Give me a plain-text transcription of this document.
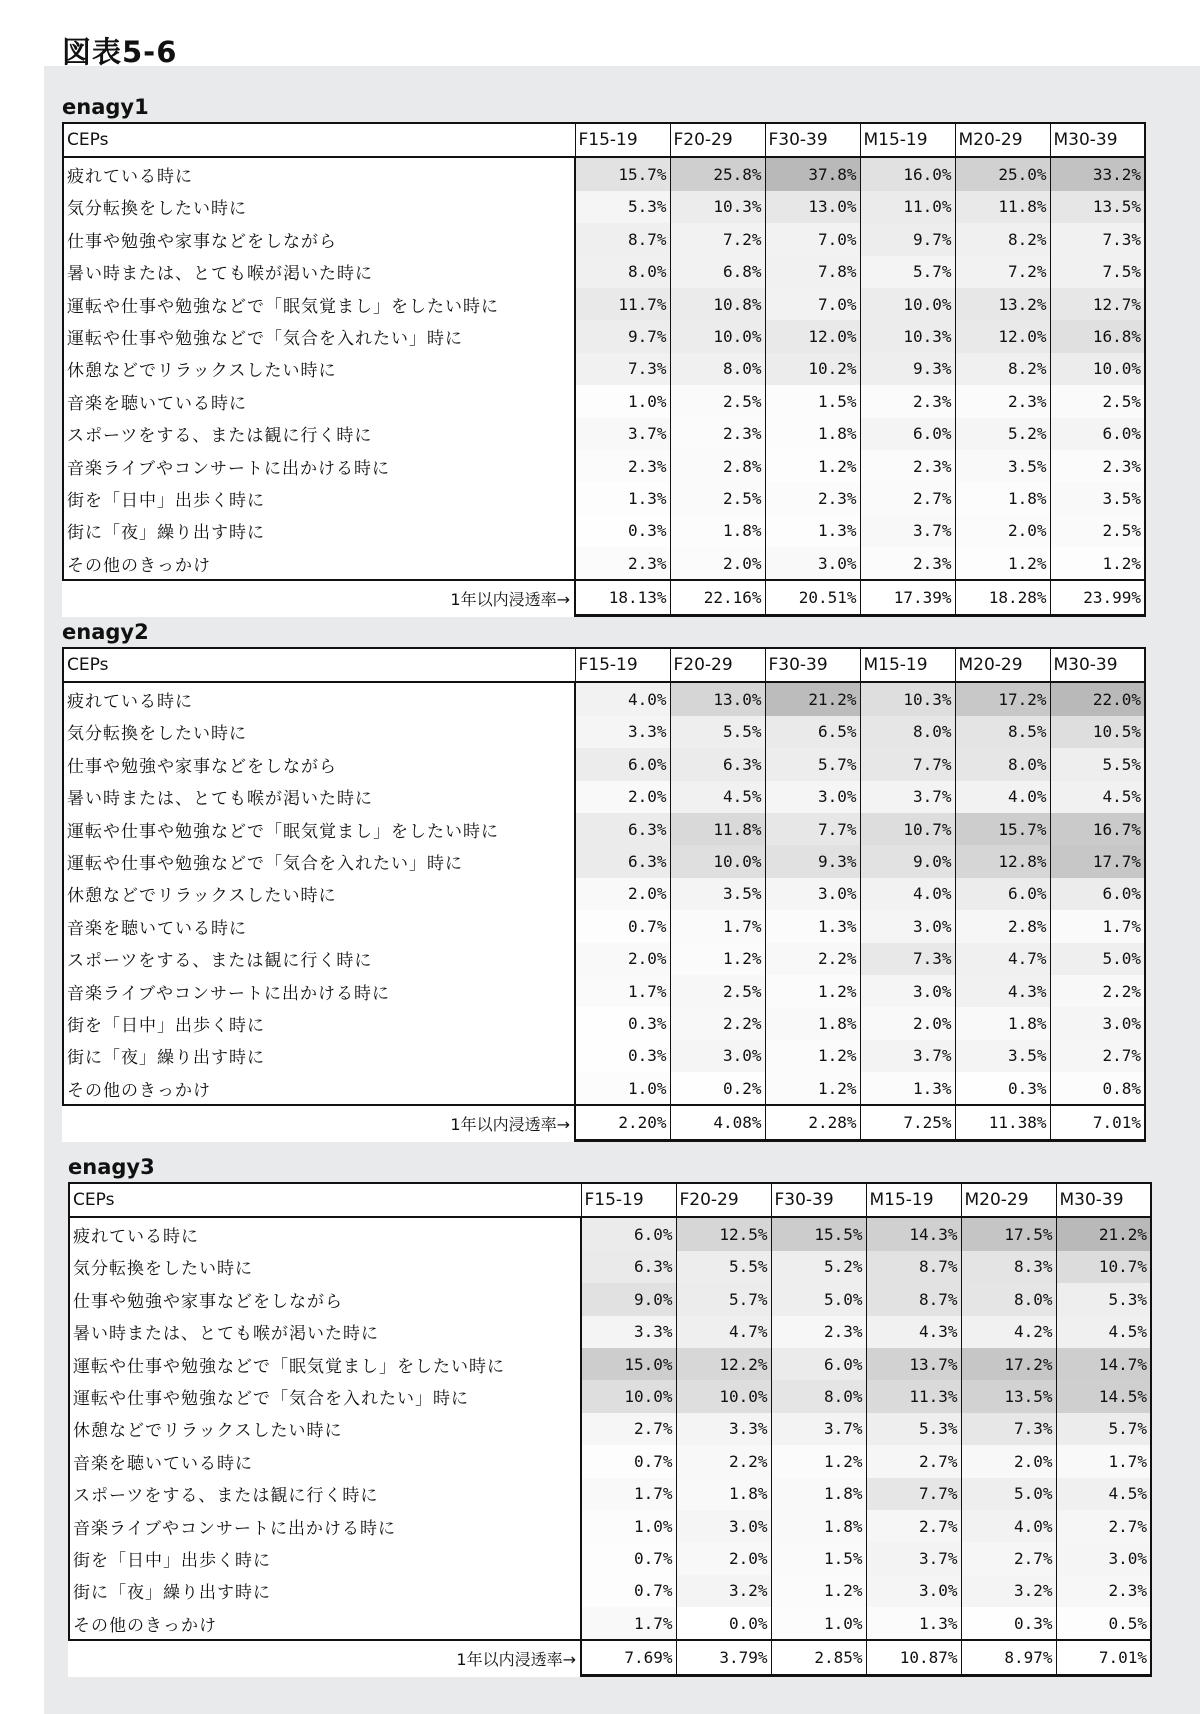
図表5-6
enagy1
CEPs	F15-19	F20-29	F30-39	M15-19	M20-29	M30-39
疲れている時に	15.7%	25.8%	37.8%	16.0%	25.0%	33.2%
気分転換をしたい時に	5.3%	10.3%	13.0%	11.0%	11.8%	13.5%
仕事や勉強や家事などをしながら	8.7%	7.2%	7.0%	9.7%	8.2%	7.3%
暑い時または、とても喉が渇いた時に	8.0%	6.8%	7.8%	5.7%	7.2%	7.5%
運転や仕事や勉強などで「眠気覚まし」をしたい時に	11.7%	10.8%	7.0%	10.0%	13.2%	12.7%
運転や仕事や勉強などで「気合を入れたい」時に	9.7%	10.0%	12.0%	10.3%	12.0%	16.8%
休憩などでリラックスしたい時に	7.3%	8.0%	10.2%	9.3%	8.2%	10.0%
音楽を聴いている時に	1.0%	2.5%	1.5%	2.3%	2.3%	2.5%
スポーツをする、または観に行く時に	3.7%	2.3%	1.8%	6.0%	5.2%	6.0%
音楽ライブやコンサートに出かける時に	2.3%	2.8%	1.2%	2.3%	3.5%	2.3%
街を「日中」出歩く時に	1.3%	2.5%	2.3%	2.7%	1.8%	3.5%
街に「夜」繰り出す時に	0.3%	1.8%	1.3%	3.7%	2.0%	2.5%
その他のきっかけ	2.3%	2.0%	3.0%	2.3%	1.2%	1.2%
1年以内浸透率→	18.13%	22.16%	20.51%	17.39%	18.28%	23.99%
enagy2
CEPs	F15-19	F20-29	F30-39	M15-19	M20-29	M30-39
疲れている時に	4.0%	13.0%	21.2%	10.3%	17.2%	22.0%
気分転換をしたい時に	3.3%	5.5%	6.5%	8.0%	8.5%	10.5%
仕事や勉強や家事などをしながら	6.0%	6.3%	5.7%	7.7%	8.0%	5.5%
暑い時または、とても喉が渇いた時に	2.0%	4.5%	3.0%	3.7%	4.0%	4.5%
運転や仕事や勉強などで「眠気覚まし」をしたい時に	6.3%	11.8%	7.7%	10.7%	15.7%	16.7%
運転や仕事や勉強などで「気合を入れたい」時に	6.3%	10.0%	9.3%	9.0%	12.8%	17.7%
休憩などでリラックスしたい時に	2.0%	3.5%	3.0%	4.0%	6.0%	6.0%
音楽を聴いている時に	0.7%	1.7%	1.3%	3.0%	2.8%	1.7%
スポーツをする、または観に行く時に	2.0%	1.2%	2.2%	7.3%	4.7%	5.0%
音楽ライブやコンサートに出かける時に	1.7%	2.5%	1.2%	3.0%	4.3%	2.2%
街を「日中」出歩く時に	0.3%	2.2%	1.8%	2.0%	1.8%	3.0%
街に「夜」繰り出す時に	0.3%	3.0%	1.2%	3.7%	3.5%	2.7%
その他のきっかけ	1.0%	0.2%	1.2%	1.3%	0.3%	0.8%
1年以内浸透率→	2.20%	4.08%	2.28%	7.25%	11.38%	7.01%
enagy3
CEPs	F15-19	F20-29	F30-39	M15-19	M20-29	M30-39
疲れている時に	6.0%	12.5%	15.5%	14.3%	17.5%	21.2%
気分転換をしたい時に	6.3%	5.5%	5.2%	8.7%	8.3%	10.7%
仕事や勉強や家事などをしながら	9.0%	5.7%	5.0%	8.7%	8.0%	5.3%
暑い時または、とても喉が渇いた時に	3.3%	4.7%	2.3%	4.3%	4.2%	4.5%
運転や仕事や勉強などで「眠気覚まし」をしたい時に	15.0%	12.2%	6.0%	13.7%	17.2%	14.7%
運転や仕事や勉強などで「気合を入れたい」時に	10.0%	10.0%	8.0%	11.3%	13.5%	14.5%
休憩などでリラックスしたい時に	2.7%	3.3%	3.7%	5.3%	7.3%	5.7%
音楽を聴いている時に	0.7%	2.2%	1.2%	2.7%	2.0%	1.7%
スポーツをする、または観に行く時に	1.7%	1.8%	1.8%	7.7%	5.0%	4.5%
音楽ライブやコンサートに出かける時に	1.0%	3.0%	1.8%	2.7%	4.0%	2.7%
街を「日中」出歩く時に	0.7%	2.0%	1.5%	3.7%	2.7%	3.0%
街に「夜」繰り出す時に	0.7%	3.2%	1.2%	3.0%	3.2%	2.3%
その他のきっかけ	1.7%	0.0%	1.0%	1.3%	0.3%	0.5%
1年以内浸透率→	7.69%	3.79%	2.85%	10.87%	8.97%	7.01%
